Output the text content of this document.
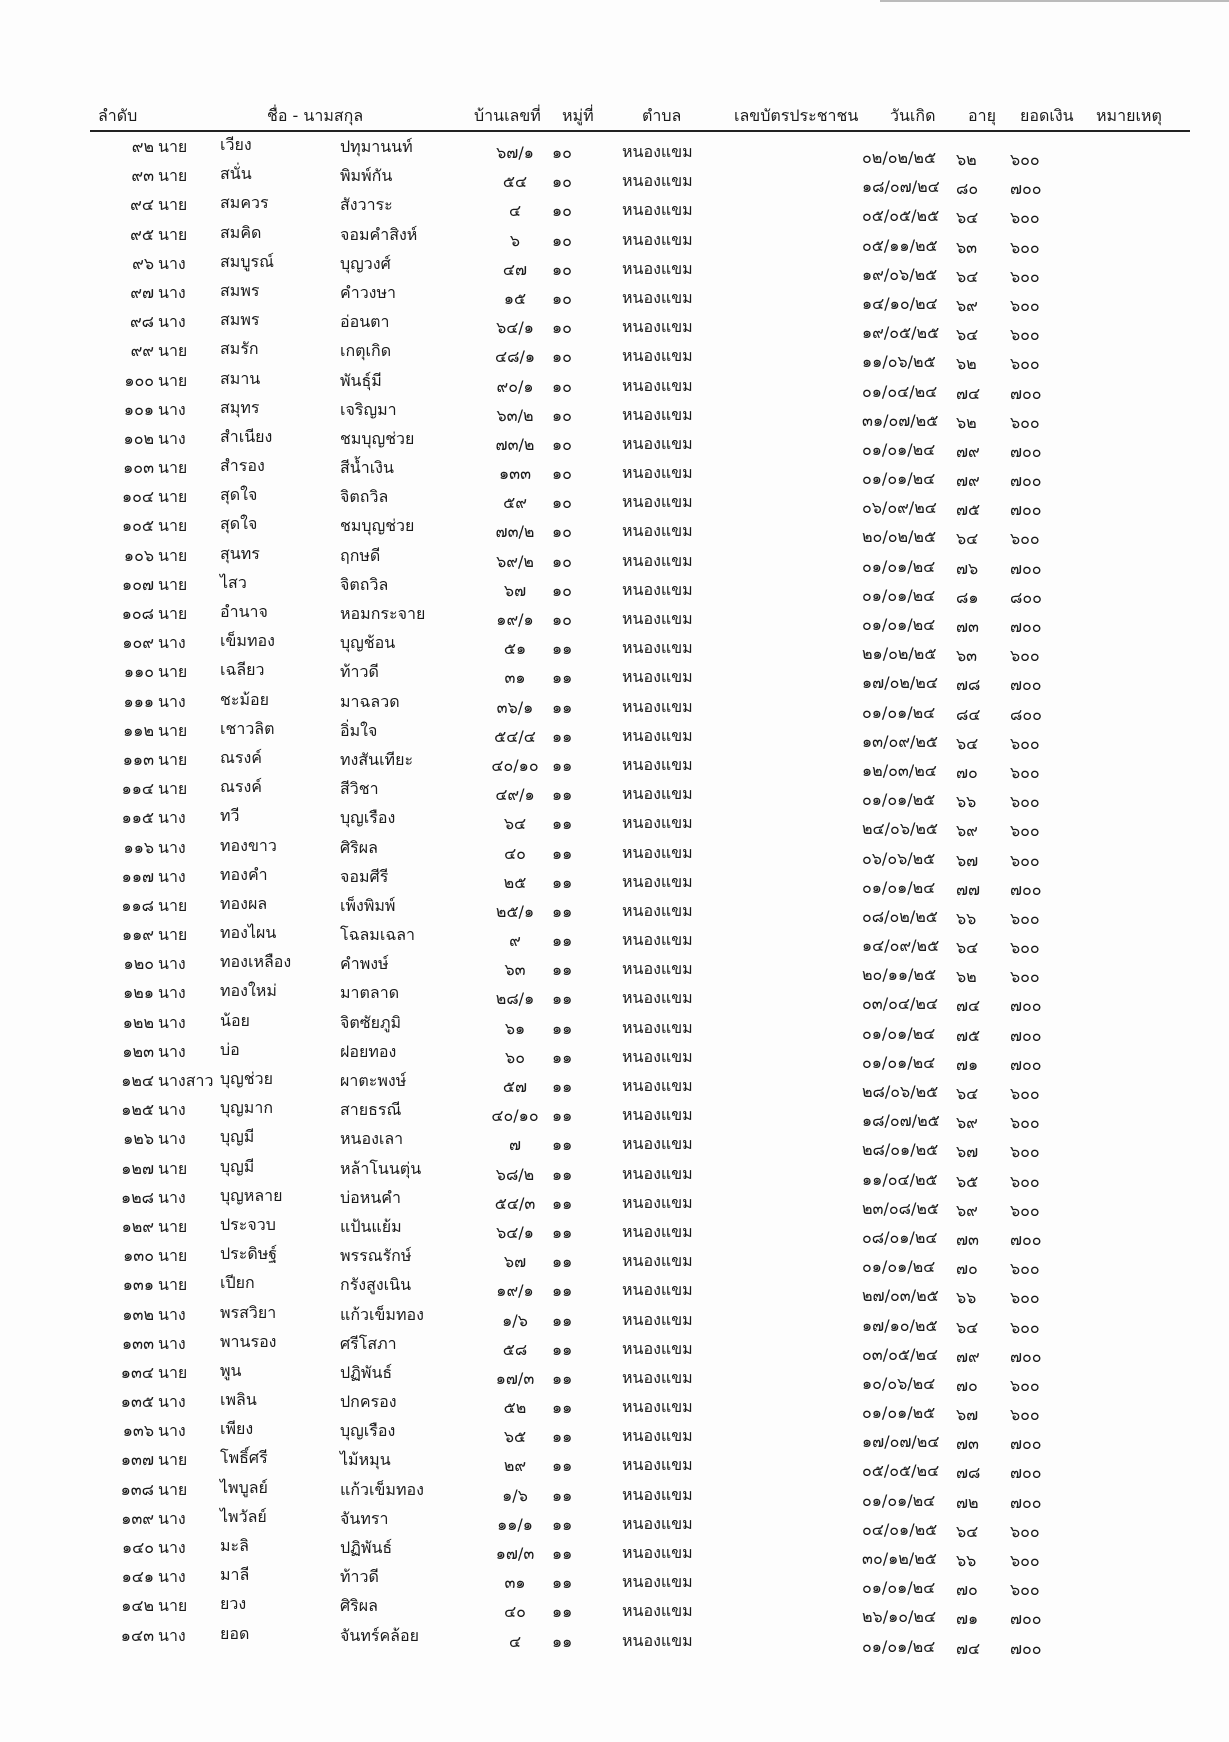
ลำดับ	ชื่อ - นามสกุล	บ้านเลขที่ หมู่ที่	ตำบล	เลขบัตรประชาชน วันเกิด อายุ ยอดเงิน หมายเหตุ
๙๒ นาย เวียง	ปทุมานนท์	๖๗/๑	๑๐	หนองแขม	๐๒/๐๒/๒๕ ๖๒ ๖๐๐
๙๓ นาย สนั่น	พิมพ์กัน	๕๔	๑๐	หนองแขม	๑๘/๐๗/๒๔ ๘๐ ๗๐๐
๙๔ นาย สมควร	สังวาระ	๔	๑๐	หนองแขม	๐๕/๐๕/๒๕ ๖๔ ๖๐๐
๙๕ นาย สมคิด	จอมคำสิงห์	๖	๑๐	หนองแขม	๐๕/๑๑/๒๕ ๖๓ ๖๐๐
๙๖ นาง สมบูรณ์	บุญวงศ์	๔๗	๑๐	หนองแขม	๑๙/๐๖/๒๕ ๖๔ ๖๐๐
๙๗ นาง สมพร	คำวงษา	๑๕	๑๐	หนองแขม	๑๔/๑๐/๒๔ ๖๙ ๖๐๐
๙๘ นาง สมพร	อ่อนตา	๖๔/๑	๑๐	หนองแขม	๑๙/๐๕/๒๕ ๖๔ ๖๐๐
๙๙ นาย สมรัก	เกตุเกิด	๔๘/๑	๑๐	หนองแขม	๑๑/๐๖/๒๕ ๖๒ ๖๐๐
๑๐๐ นาย สมาน	พันธุ์มี	๙๐/๑	๑๐	หนองแขม	๐๑/๐๔/๒๔ ๗๔ ๗๐๐
๑๐๑ นาง สมุทร	เจริญมา	๖๓/๒	๑๐	หนองแขม	๓๑/๐๗/๒๕ ๖๒ ๖๐๐
๑๐๒ นาง สำเนียง	ชมบุญช่วย	๗๓/๒	๑๐	หนองแขม	๐๑/๐๑/๒๔ ๗๙ ๗๐๐
๑๐๓ นาย สำรอง	สีน้ำเงิน	๑๓๓	๑๐	หนองแขม	๐๑/๐๑/๒๔ ๗๙ ๗๐๐
๑๐๔ นาย สุดใจ	จิตถวิล	๕๙	๑๐	หนองแขม	๐๖/๐๙/๒๔ ๗๕ ๗๐๐
๑๐๕ นาย สุดใจ	ชมบุญช่วย	๗๓/๒	๑๐	หนองแขม	๒๐/๐๒/๒๕ ๖๔ ๖๐๐
๑๐๖ นาย สุนทร	ฤกษดี	๖๙/๒	๑๐	หนองแขม	๐๑/๐๑/๒๔ ๗๖ ๗๐๐
๑๐๗ นาย ไสว	จิตถวิล	๖๗	๑๐	หนองแขม	๐๑/๐๑/๒๔ ๘๑ ๘๐๐
๑๐๘ นาย อำนาจ	หอมกระจาย	๑๙/๑	๑๐	หนองแขม	๐๑/๐๑/๒๔ ๗๓ ๗๐๐
๑๐๙ นาง เข็มทอง	บุญช้อน	๕๑	๑๑	หนองแขม	๒๑/๐๒/๒๕ ๖๓ ๖๐๐
๑๑๐ นาย เฉลียว	ท้าวดี	๓๑	๑๑	หนองแขม	๑๗/๐๒/๒๔ ๗๘ ๗๐๐
๑๑๑ นาง ชะม้อย	มาฉลวด	๓๖/๑	๑๑	หนองแขม	๐๑/๐๑/๒๔ ๘๔ ๘๐๐
๑๑๒ นาย เชาวลิต	อิ่มใจ	๕๔/๔	๑๑	หนองแขม	๑๓/๐๙/๒๕ ๖๔ ๖๐๐
๑๑๓ นาย ณรงค์	ทงสันเทียะ	๔๐/๑๐ ๑๑	หนองแขม	๑๒/๐๓/๒๔ ๗๐ ๖๐๐
๑๑๔ นาย ณรงค์	สีวิชา	๔๙/๑	๑๑	หนองแขม	๐๑/๐๑/๒๕ ๖๖ ๖๐๐
๑๑๕ นาง ทวี	บุญเรือง	๖๔	๑๑	หนองแขม	๒๔/๐๖/๒๕ ๖๙ ๖๐๐
๑๑๖ นาง ทองขาว	ศิริผล	๔๐	๑๑	หนองแขม	๐๖/๐๖/๒๕ ๖๗ ๖๐๐
๑๑๗ นาง ทองคำ	จอมศีรี	๒๕	๑๑	หนองแขม	๐๑/๐๑/๒๔ ๗๗ ๗๐๐
๑๑๘ นาย ทองผล	เพ็งพิมพ์	๒๕/๑	๑๑	หนองแขม	๐๘/๐๒/๒๕ ๖๖ ๖๐๐
๑๑๙ นาย ทองไผน	โฉลมเฉลา	๙	๑๑	หนองแขม	๑๔/๐๙/๒๕ ๖๔ ๖๐๐
๑๒๐ นาง ทองเหลือง	คำพงษ์	๖๓	๑๑	หนองแขม	๒๐/๑๑/๒๕ ๖๒ ๖๐๐
๑๒๑ นาง ทองใหม่	มาตลาด	๒๘/๑	๑๑	หนองแขม	๐๓/๐๔/๒๔ ๗๔ ๗๐๐
๑๒๒ นาง น้อย	จิตซัยภูมิ	๖๑	๑๑	หนองแขม	๐๑/๐๑/๒๔ ๗๕ ๗๐๐
๑๒๓ นาง บ่อ	ฝอยทอง	๖๐	๑๑	หนองแขม	๐๑/๐๑/๒๔ ๗๑ ๗๐๐
๑๒๔ นางสาว บุญช่วย	ผาตะพงษ์	๕๗	๑๑	หนองแขม	๒๘/๐๖/๒๕ ๖๔ ๖๐๐
๑๒๕ นาง บุญมาก	สายธรณี	๔๐/๑๐ ๑๑	หนองแขม	๑๘/๐๗/๒๕ ๖๙ ๖๐๐
๑๒๖ นาง บุญมี	หนองเลา	๗	๑๑	หนองแขม	๒๘/๐๑/๒๕ ๖๗ ๖๐๐
๑๒๗ นาย บุญมี	หล้าโนนตุ่น	๖๘/๒	๑๑	หนองแขม	๑๑/๐๔/๒๕ ๖๕ ๖๐๐
๑๒๘ นาง บุญหลาย	บ่อหนคำ	๕๔/๓	๑๑	หนองแขม	๒๓/๐๘/๒๕ ๖๙ ๖๐๐
๑๒๙ นาย ประจวบ	แป้นแย้ม	๖๔/๑	๑๑	หนองแขม	๐๘/๐๑/๒๔ ๗๓ ๗๐๐
๑๓๐ นาย ประดิษฐ์	พรรณรักษ์	๖๗	๑๑	หนองแขม	๐๑/๐๑/๒๔ ๗๐ ๖๐๐
๑๓๑ นาย เปียก	กรังสูงเนิน	๑๙/๑	๑๑	หนองแขม	๒๗/๐๓/๒๕ ๖๖ ๖๐๐
๑๓๒ นาง พรสวิยา	แก้วเข็มทอง	๑/๖	๑๑	หนองแขม	๑๗/๑๐/๒๕ ๖๔ ๖๐๐
๑๓๓ นาง พานรอง	ศรีโสภา	๕๘	๑๑	หนองแขม	๐๓/๐๕/๒๔ ๗๙ ๗๐๐
๑๓๔ นาย พูน	ปฏิพันธ์	๑๗/๓	๑๑	หนองแขม	๑๐/๐๖/๒๔ ๗๐ ๖๐๐
๑๓๕ นาง เพลิน	ปกครอง	๕๒	๑๑	หนองแขม	๐๑/๐๑/๒๕ ๖๗ ๖๐๐
๑๓๖ นาง เพียง	บุญเรือง	๖๕	๑๑	หนองแขม	๑๗/๐๗/๒๔ ๗๓ ๗๐๐
๑๓๗ นาย โพธิ์ศรี	ไม้หมุน	๒๙	๑๑	หนองแขม	๐๕/๐๕/๒๔ ๗๘ ๗๐๐
๑๓๘ นาย ไพบูลย์	แก้วเข็มทอง	๑/๖	๑๑	หนองแขม	๐๑/๐๑/๒๔ ๗๒ ๗๐๐
๑๓๙ นาง ไพวัลย์	จันทรา	๑๑/๑	๑๑	หนองแขม	๐๔/๐๑/๒๕ ๖๔ ๖๐๐
๑๔๐ นาง มะลิ	ปฏิพันธ์	๑๗/๓	๑๑	หนองแขม	๓๐/๑๒/๒๕ ๖๖ ๖๐๐
๑๔๑ นาง มาลี	ท้าวดี	๓๑	๑๑	หนองแขม	๐๑/๐๑/๒๔ ๗๐ ๖๐๐
๑๔๒ นาย ยวง	ศิริผล	๔๐	๑๑	หนองแขม	๒๖/๑๐/๒๔ ๗๑ ๗๐๐
๑๔๓ นาง ยอด	จันทร์คล้อย	๔	๑๑	หนองแขม	๐๑/๐๑/๒๔ ๗๔ ๗๐๐
